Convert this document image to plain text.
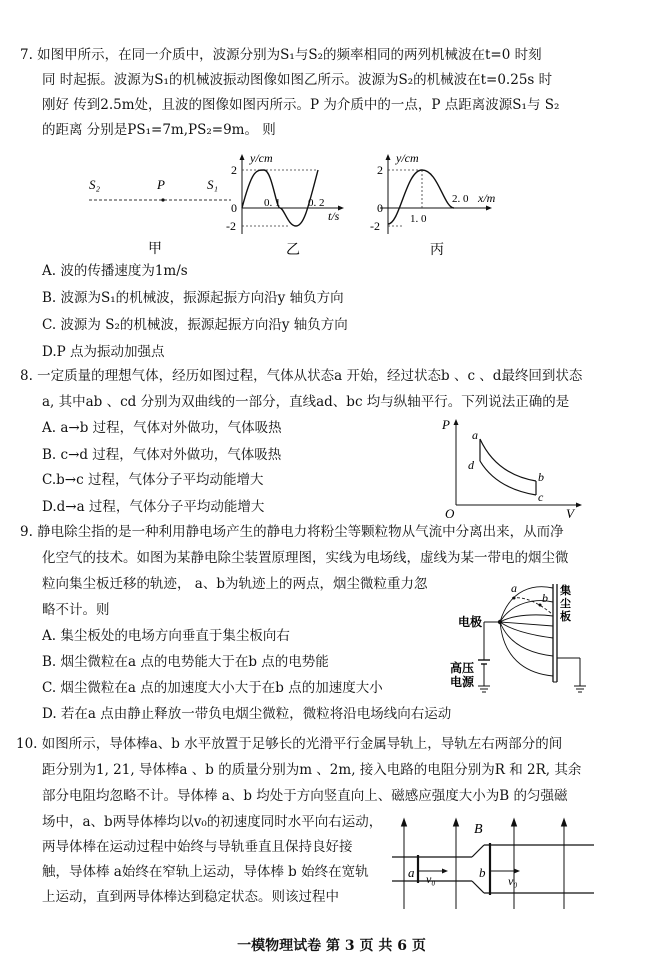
7. 如图甲所示，在同一介质中，波源分别为S₁与S₂的频率相同的两列机械波在t=0 时刻
同 时起振。波源为S₁的机械波振动图像如图乙所示。波源为S₂的机械波在t=0.25s 时
刚好 传到2.5m处，且波的图像如图丙所示。P 为介质中的一点，P 点距离波源S₁与 S₂
的距离 分别是PS₁=7m,PS₂=9m。 则
S₂	P	S₁
甲
y/cm
2
0
-2
0. 1	0. 2
t/s
乙
y/cm
2
0
-2	1. 0
2. 0 x/m
丙
A. 波的传播速度为1m/s
B. 波源为S₁的机械波，振源起振方向沿y 轴负方向
C. 波源为 S₂的机械波，振源起振方向沿y 轴负方向
D.P 点为振动加强点
8. 一定质量的理想气体，经历如图过程，气体从状态a 开始，经过状态b 、c 、d最终回到状态
a, 其中ab 、cd 分别为双曲线的一部分，直线ad、bc 均与纵轴平行。下列说法正确的是
A. a→b 过程，气体对外做功，气体吸热
B. c→d 过程，气体对外做功，气体吸热
C.b→c 过程，气体分子平均动能增大
D.d→a 过程，气体分子平均动能增大
P
V
O
a
b
c
d
9. 静电除尘指的是一种利用静电场产生的静电力将粉尘等颗粒物从气流中分离出来，从而净
化空气的技术。如图为某静电除尘装置原理图，实线为电场线，虚线为某一带电的烟尘微
粒向集尘板迁移的轨迹， a、b为轨迹上的两点，烟尘微粒重力忽
略不计。则
A. 集尘板处的电场方向垂直于集尘板向右
B. 烟尘微粒在a 点的电势能大于在b 点的电势能
C. 烟尘微粒在a 点的加速度大小大于在b 点的加速度大小
D. 若在a 点由静止释放一带负电烟尘微粒，微粒将沿电场线向右运动
电极
集
尘
板
高压
电源
a
b
10. 如图所示，导体棒a、b 水平放置于足够长的光滑平行金属导轨上，导轨左右两部分的间
距分别为1, 21, 导体棒a 、b 的质量分别为m 、2m, 接入电路的电阻分别为R 和 2R, 其余
部分电阻均忽略不计。导体棒 a、b 均处于方向竖直向上、磁感应强度大小为B 的匀强磁
场中，a、b两导体棒均以v₀的初速度同时水平向右运动，
两导体棒在运动过程中始终与导轨垂直且保持良好接
触，导体棒 a始终在窄轨上运动，导体棒 b 始终在宽轨
上运动，直到两导体棒达到稳定状态。则该过程中
B
a	b
v₀	v₀
一模物理试卷 第 3 页 共 6 页
